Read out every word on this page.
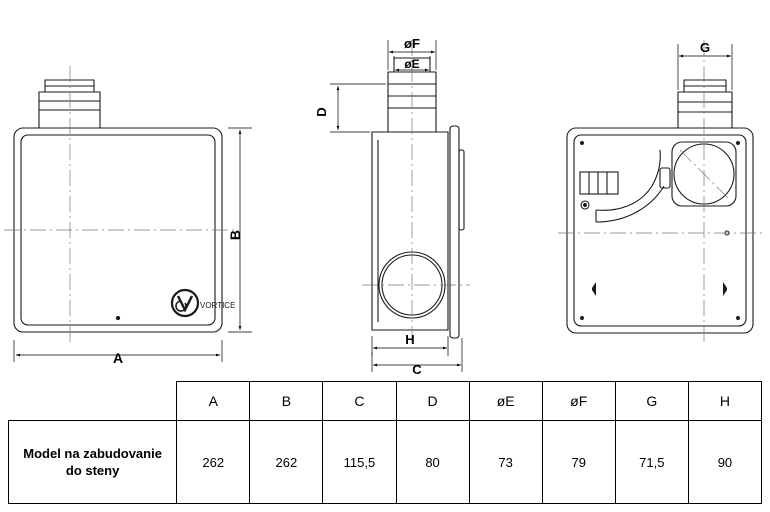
A
B
VORTICE
øF
øE
D
H
C
G
	A	B	C	D	øE	øF	G	H
Model na zabudovanie do steny	262	262	115,5	80	73	79	71,5	90
